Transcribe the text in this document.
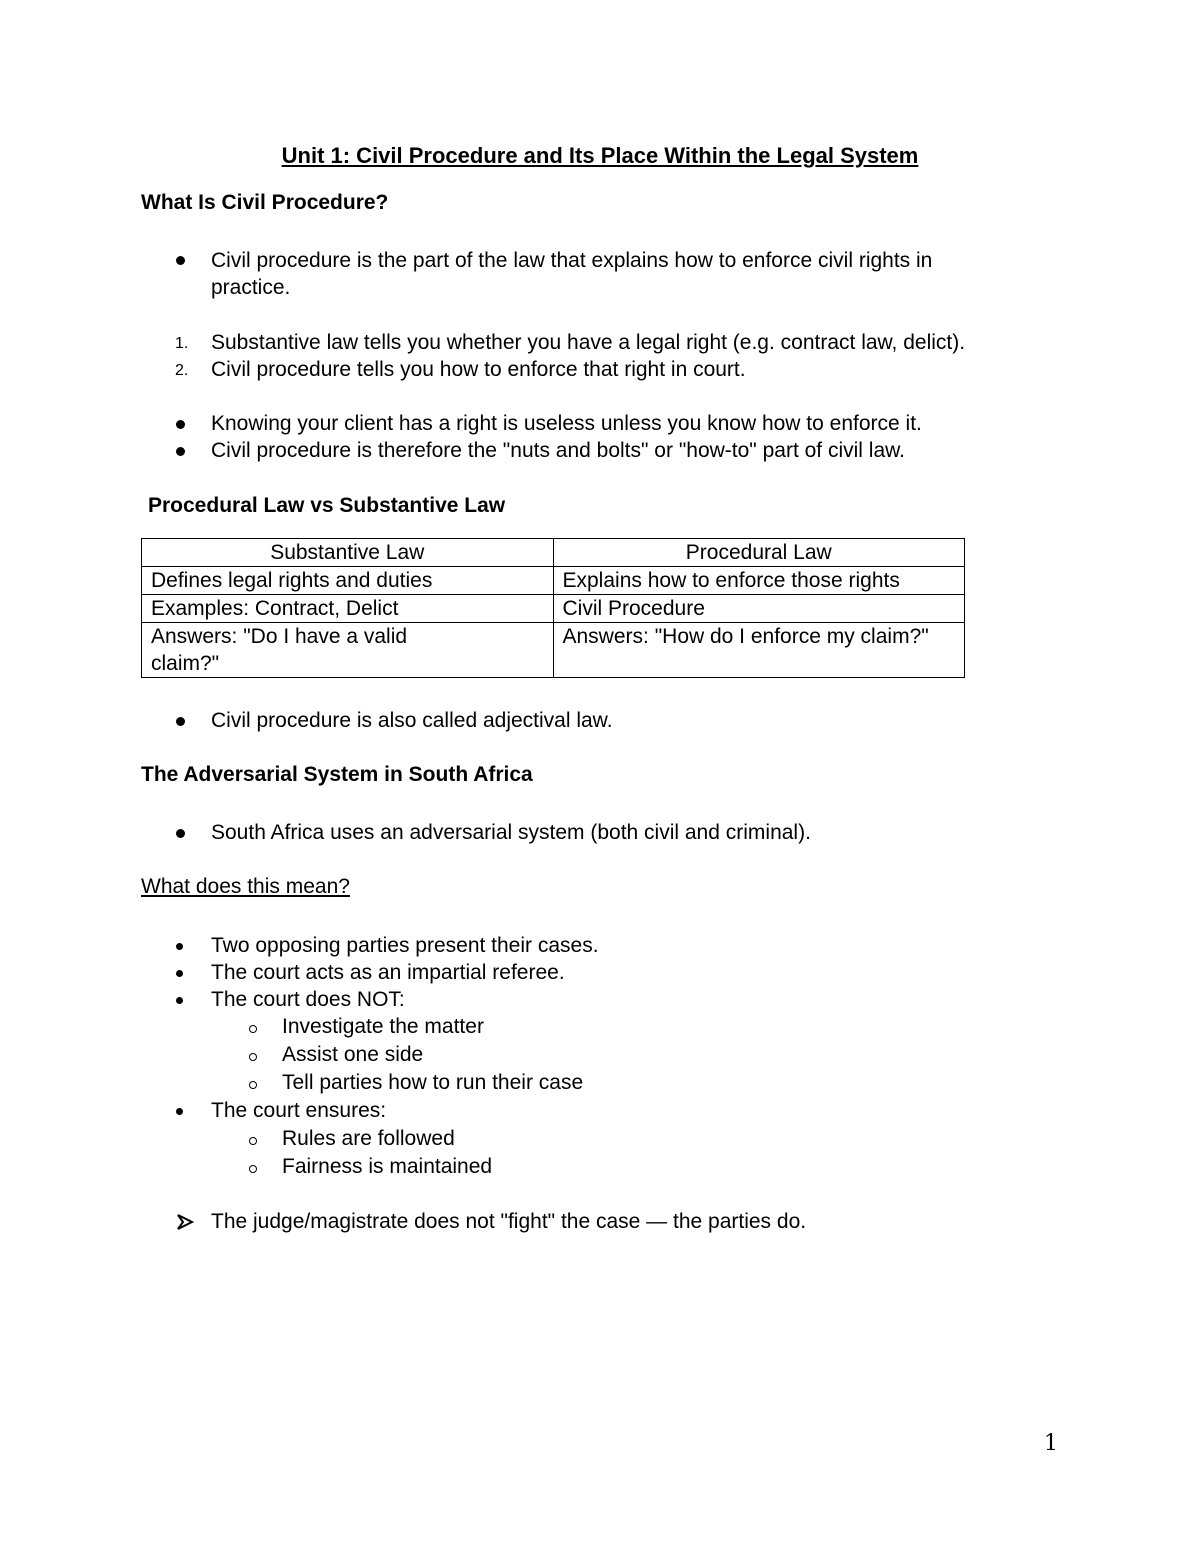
Unit 1: Civil Procedure and Its Place Within the Legal System
What Is Civil Procedure?
Civil procedure is the part of the law that explains how to enforce civil rights in
practice.
1. Substantive law tells you whether you have a legal right (e.g. contract law, delict).
2. Civil procedure tells you how to enforce that right in court.
Knowing your client has a right is useless unless you know how to enforce it.
Civil procedure is therefore the "nuts and bolts" or "how-to" part of civil law.
Procedural Law vs Substantive Law
Substantive Law	Procedural Law
Defines legal rights and duties	Explains how to enforce those rights
Examples: Contract, Delict	Civil Procedure

Answers: "Do I have a valid claim?"	Answers: "How do I enforce my claim?"
Civil procedure is also called adjectival law.
The Adversarial System in South Africa
South Africa uses an adversarial system (both civil and criminal).
What does this mean?
Two opposing parties present their cases.
The court acts as an impartial referee.
The court does NOT:
Investigate the matter
Assist one side
Tell parties how to run their case
The court ensures:
Rules are followed
Fairness is maintained
The judge/magistrate does not "fight" the case — the parties do.
1
